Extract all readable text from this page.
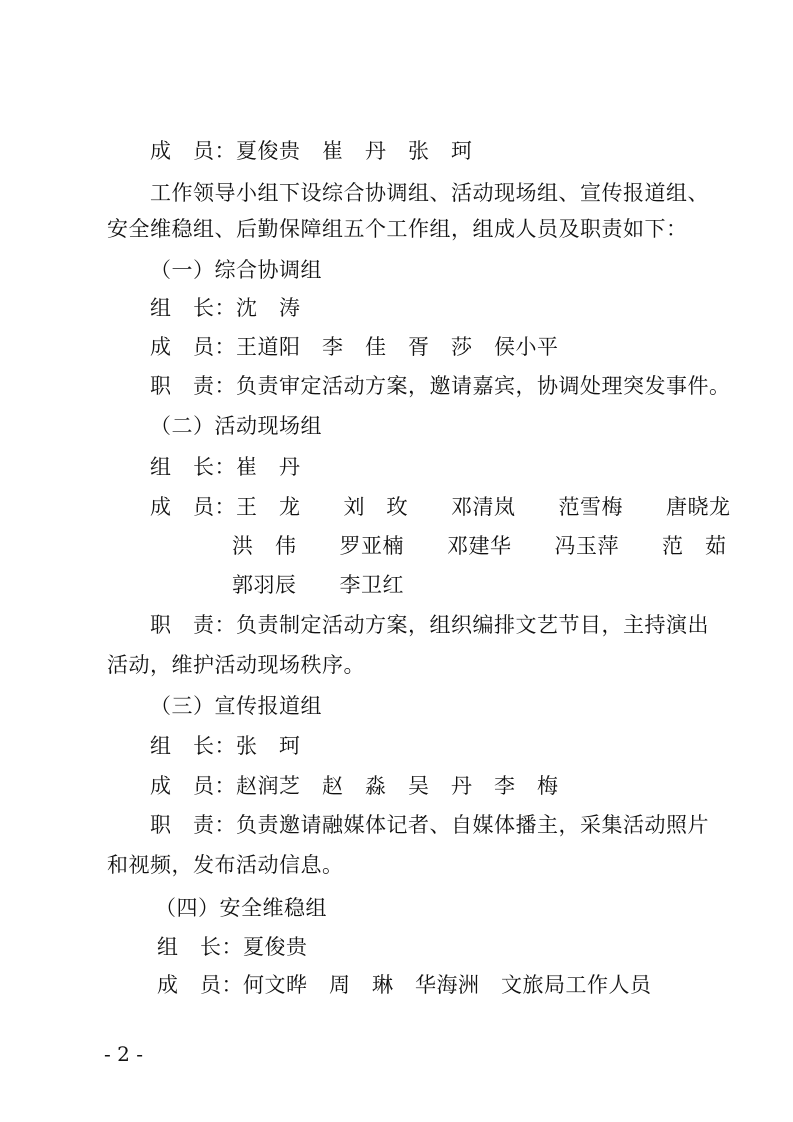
成　员：夏俊贵　崔　丹　张　珂
工作领导小组下设综合协调组、活动现场组、宣传报道组、
安全维稳组、后勤保障组五个工作组，组成人员及职责如下：
（一）综合协调组
组　长：沈　涛
成　员：王道阳　李　佳　胥　莎　侯小平
职　责：负责审定活动方案，邀请嘉宾，协调处理突发事件。
（二）活动现场组
组　长：崔　丹
成　员：王　龙　　刘　玫　　邓清岚　　范雪梅　　唐晓龙
洪　伟　　罗亚楠　　邓建华　　冯玉萍　　范　茹
郭羽辰　　李卫红
职　责：负责制定活动方案，组织编排文艺节目，主持演出
活动，维护活动现场秩序。
（三）宣传报道组
组　长：张　珂
成　员：赵润芝　赵　淼　吴　丹　李　梅
职　责：负责邀请融媒体记者、自媒体播主，采集活动照片
和视频，发布活动信息。
（四）安全维稳组
组　长：夏俊贵
成　员：何文晔　周　琳　华海洲　文旅局工作人员
- 2 -
